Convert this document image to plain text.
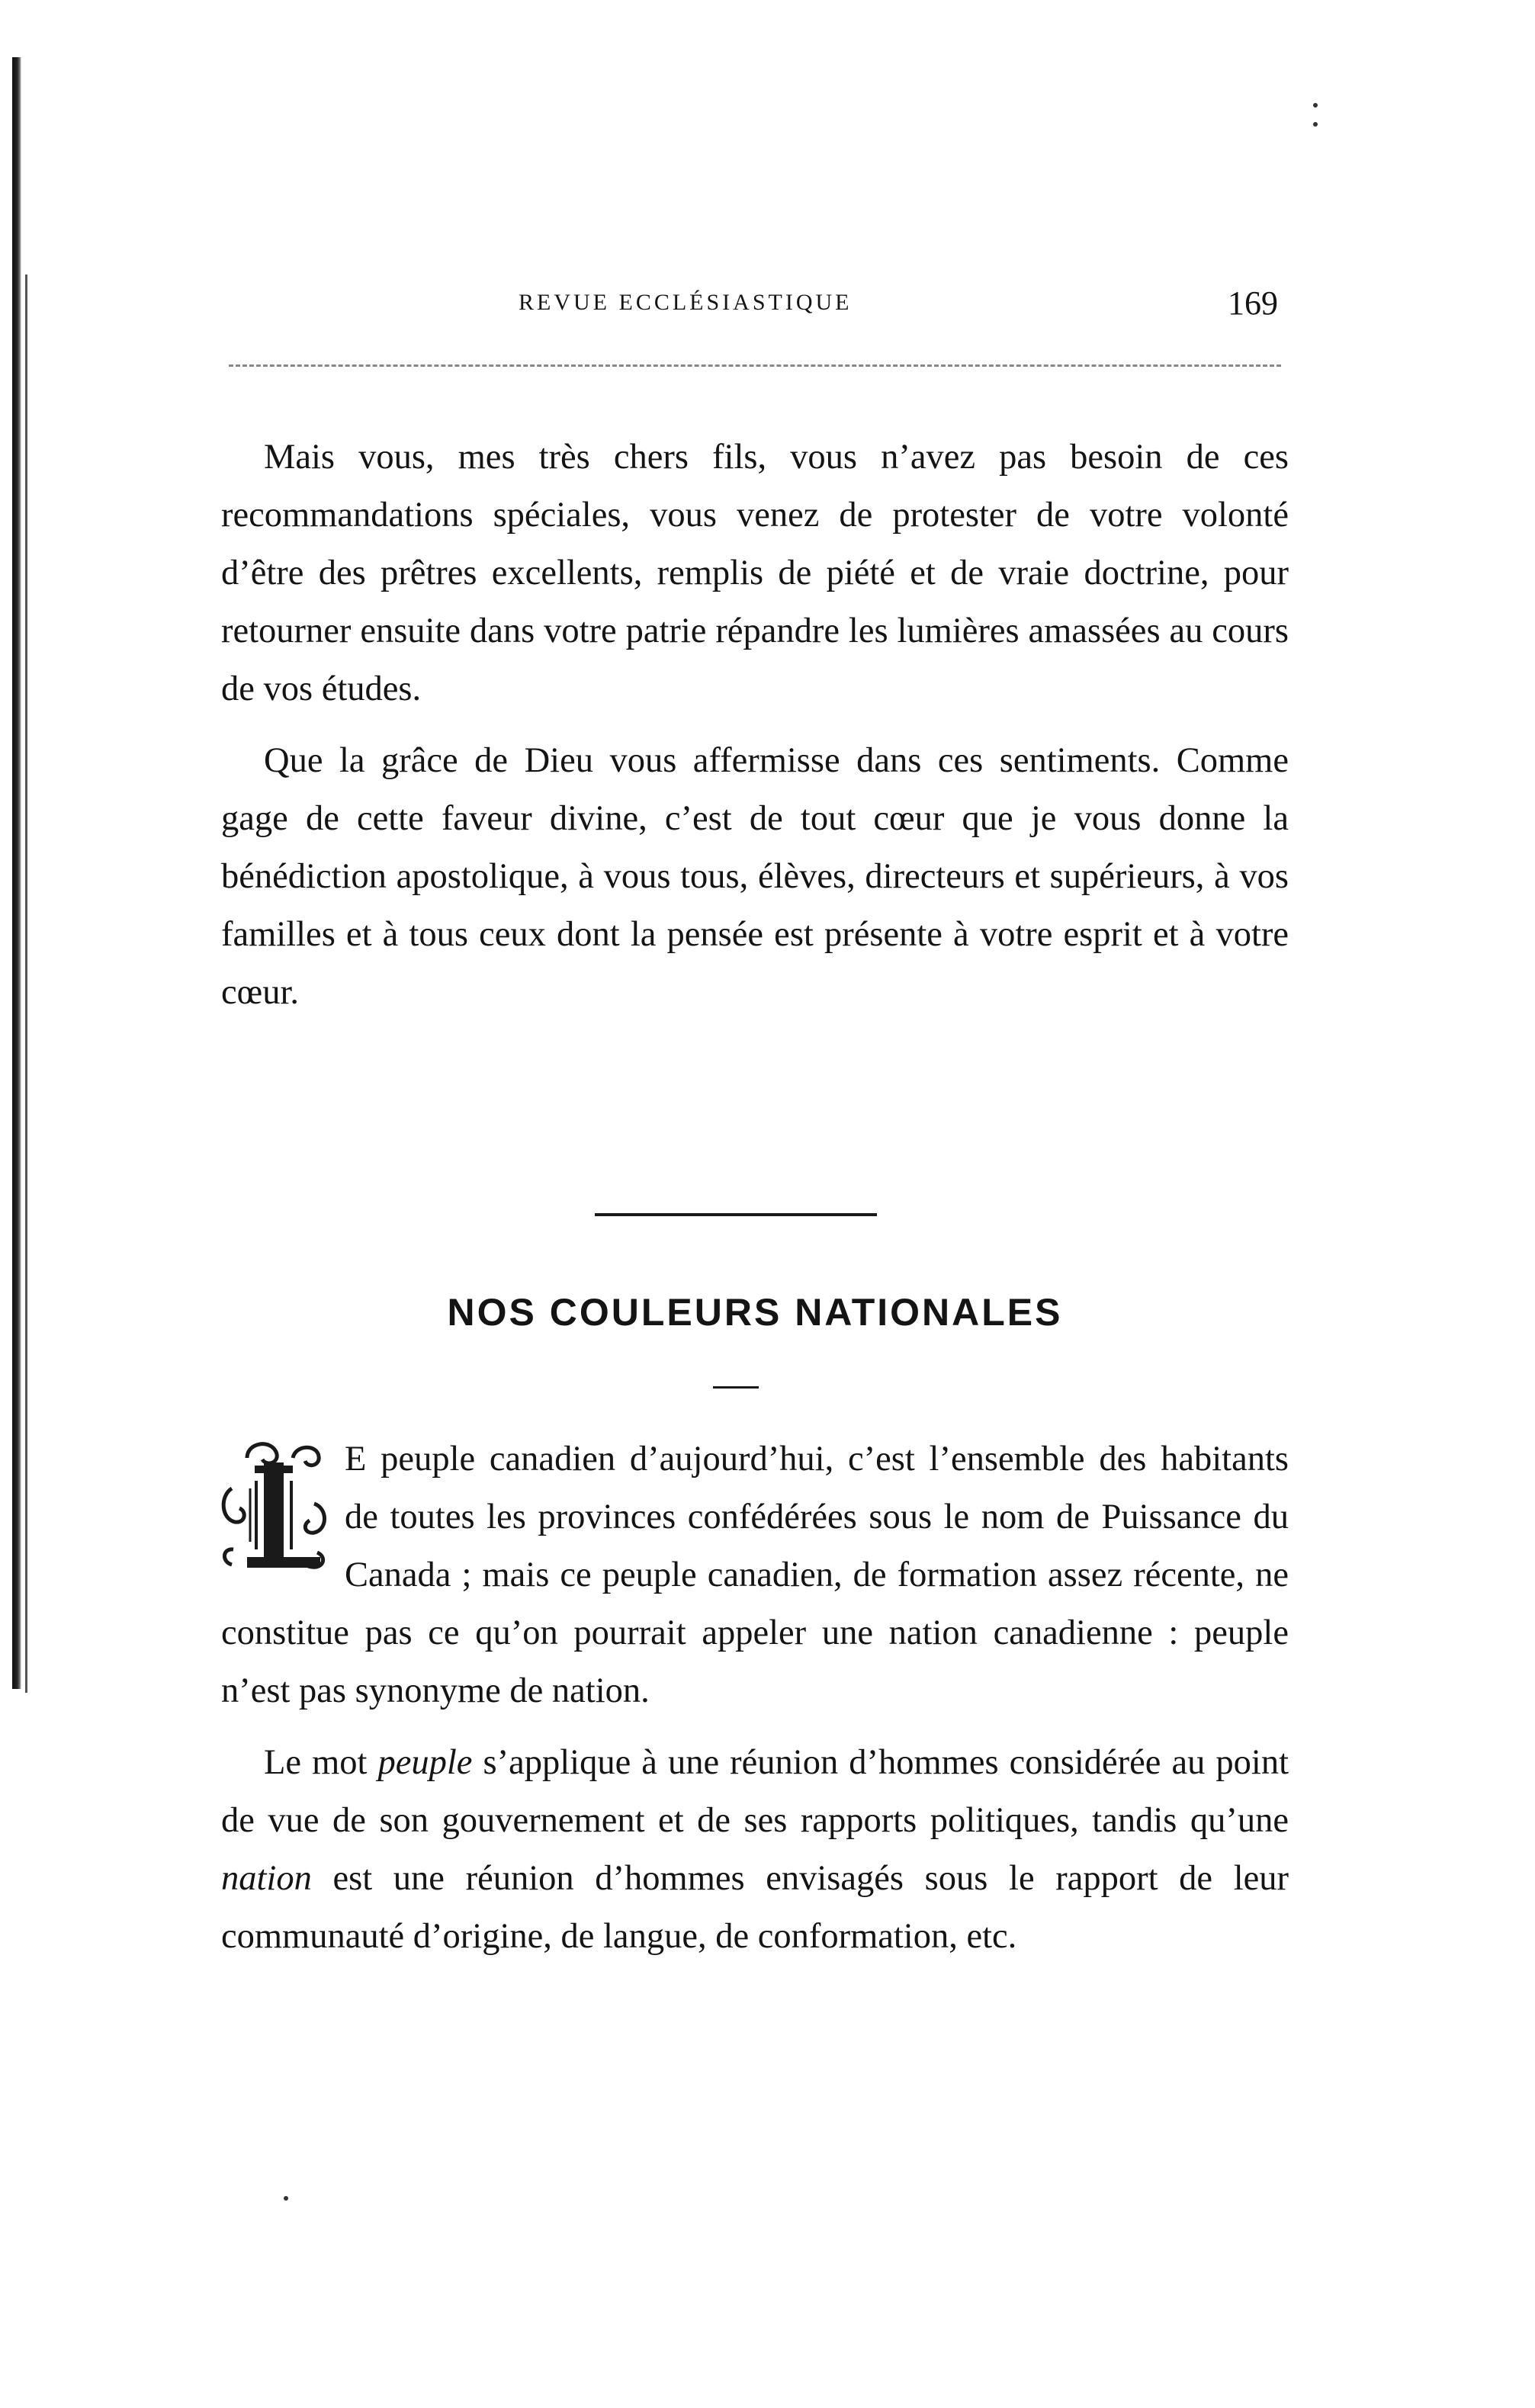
REVUE ECCLÉSIASTIQUE	169

Mais vous, mes très chers fils, vous n’avez pas besoin de ces recommandations spéciales, vous venez de protester de votre volonté d’être des prêtres excellents, remplis de piété et de vraie doctrine, pour retourner ensuite dans votre patrie répandre les lumières amassées au cours de vos études.

Que la grâce de Dieu vous affermisse dans ces sentiments. Comme gage de cette faveur divine, c’est de tout cœur que je vous donne la bénédiction apostolique, à vous tous, élèves, directeurs et supérieurs, à vos familles et à tous ceux dont la pensée est présente à votre esprit et à votre cœur.

NOS COULEURS NATIONALES

E peuple canadien d’aujourd’hui, c’est l’ensemble des habitants de toutes les provinces confédérées sous le nom de Puissance du Canada ; mais ce peuple canadien, de formation assez récente, ne constitue pas ce qu’on pourrait appeler une nation canadienne : peuple n’est pas synonyme de nation.

Le mot peuple s’applique à une réunion d’hommes considérée au point de vue de son gouvernement et de ses rapports politiques, tandis qu’une nation est une réunion d’hommes envisagés sous le rapport de leur communauté d’origine, de langue, de conformation, etc.
